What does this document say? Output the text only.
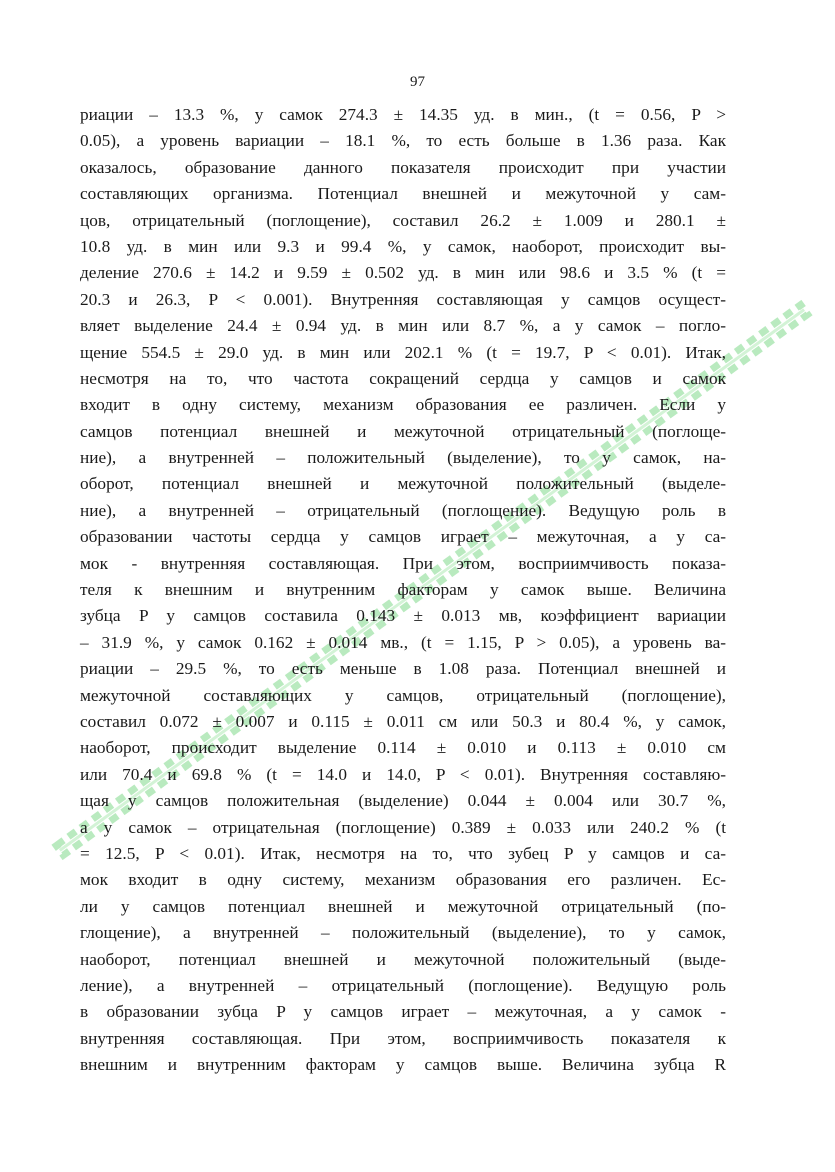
97
риации – 13.3 %, у самок 274.3 ± 14.35 уд. в мин., (t = 0.56, P >
0.05), а уровень вариации – 18.1 %, то есть больше в 1.36 раза. Как
оказалось, образование данного показателя происходит при участии
составляющих организма. Потенциал внешней и межуточной у сам-
цов, отрицательный (поглощение), составил 26.2 ± 1.009 и 280.1 ±
10.8 уд. в мин или 9.3 и 99.4 %, у самок, наоборот, происходит вы-
деление 270.6 ± 14.2 и 9.59 ± 0.502 уд. в мин или 98.6 и 3.5 % (t =
20.3 и 26.3, P < 0.001). Внутренняя составляющая у самцов осущест-
вляет выделение 24.4 ± 0.94 уд. в мин или 8.7 %, а у самок – погло-
щение 554.5 ± 29.0 уд. в мин или 202.1 % (t = 19.7, P < 0.01). Итак,
несмотря на то, что частота сокращений сердца у самцов и самок
входит в одну систему, механизм образования ее различен. Если у
самцов потенциал внешней и межуточной отрицательный (поглоще-
ние), а внутренней – положительный (выделение), то у самок, на-
оборот, потенциал внешней и межуточной положительный (выделе-
ние), а внутренней – отрицательный (поглощение). Ведущую роль в
образовании частоты сердца у самцов играет – межуточная, а у са-
мок - внутренняя составляющая. При этом, восприимчивость показа-
теля к внешним и внутренним факторам у самок выше. Величина
зубца P у самцов составила 0.143 ± 0.013 мв, коэффициент вариации
– 31.9 %, у самок 0.162 ± 0.014 мв., (t = 1.15, P > 0.05), а уровень ва-
риации – 29.5 %, то есть меньше в 1.08 раза. Потенциал внешней и
межуточной составляющих у самцов, отрицательный (поглощение),
составил 0.072 ± 0.007 и 0.115 ± 0.011 см или 50.3 и 80.4 %, у самок,
наоборот, происходит выделение 0.114 ± 0.010 и 0.113 ± 0.010 см
или 70.4 и 69.8 % (t = 14.0 и 14.0, P < 0.01). Внутренняя составляю-
щая у самцов положительная (выделение) 0.044 ± 0.004 или 30.7 %,
а у самок – отрицательная (поглощение) 0.389 ± 0.033 или 240.2 % (t
= 12.5, P < 0.01). Итак, несмотря на то, что зубец P у самцов и са-
мок входит в одну систему, механизм образования его различен. Ес-
ли у самцов потенциал внешней и межуточной отрицательный (по-
глощение), а внутренней – положительный (выделение), то у самок,
наоборот, потенциал внешней и межуточной положительный (выде-
ление), а внутренней – отрицательный (поглощение). Ведущую роль
в образовании зубца P у самцов играет – межуточная, а у самок -
внутренняя составляющая. При этом, восприимчивость показателя к
внешним и внутренним факторам у самцов выше. Величина зубца R
